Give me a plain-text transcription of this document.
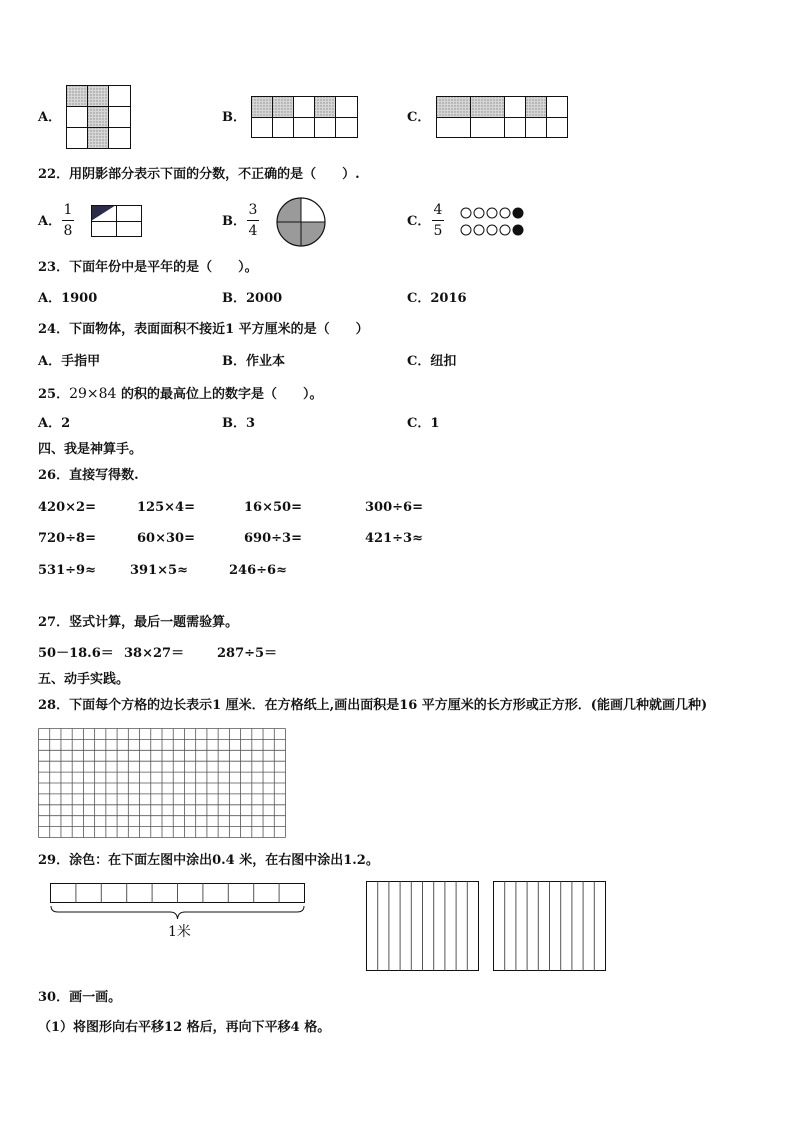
A．	B．	C．
22．用阴影部分表示下面的分数，不正确的是（　　）.
A．
1
8
B．
3
4
C．
4
5
23．下面年份中是平年的是（　　）。
A．1900	B．2000	C．2016
24．下面物体，表面面积不接近1 平方厘米的是（　　）
A．手指甲	B．作业本	C．纽扣
25．29×84 的积的最高位上的数字是（　　）。
A．2	B．3	C．1
四、我是神算手。
26．直接写得数.
420×2=	125×4=	16×50=	300÷6=
720÷8=	60×30=	690÷3=	421÷3≈
531÷9≈	391×5≈	246÷6≈
27．竖式计算，最后一题需验算。
50－18.6＝ 38×27＝	287÷5＝
五、动手实践。
28．下面每个方格的边长表示1 厘米．在方格纸上,画出面积是16 平方厘米的长方形或正方形．(能画几种就画几种)
29．涂色：在下面左图中涂出0.4 米，在右图中涂出1.2。
1米
30．画一画。
（1）将图形向右平移12 格后，再向下平移4 格。
